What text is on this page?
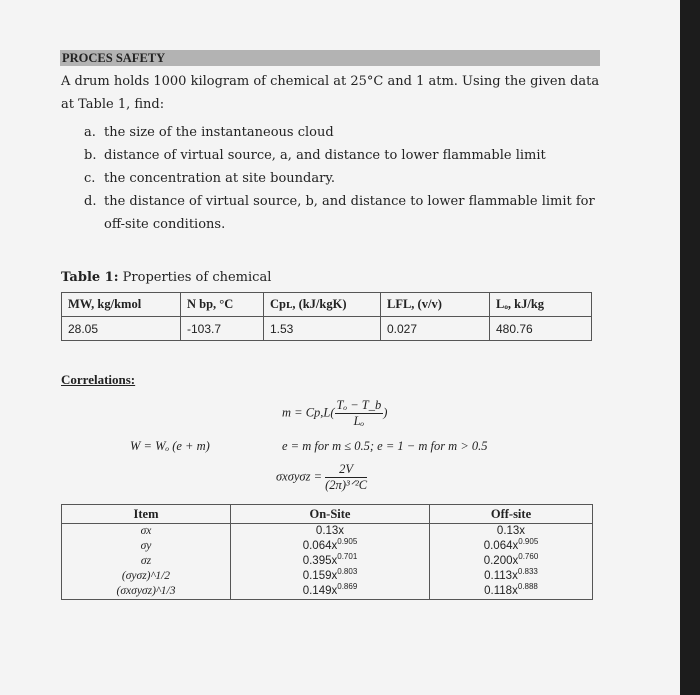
PROCES SAFETY
A drum holds 1000 kilogram of chemical at 25°C and 1 atm. Using the given data at Table 1, find:
a. the size of the instantaneous cloud
b. distance of virtual source, a, and distance to lower flammable limit
c. the concentration at site boundary.
d. the distance of virtual source, b, and distance to lower flammable limit for off-site conditions.
Table 1: Properties of chemical
MW, kg/kmol	N bp, °C	Cpʟ, (kJ/kgK)	LFL, (v/v)	Lₒ, kJ/kg
28.05	-103.7	1.53	0.027	480.76
Correlations:
$m = Cp,L( \frac{\text{Tₒ − T\_b}}{\text{Lₒ}}$ )
W = Wₒ (e + m)	e = m for m ≤ 0.5; e = 1 − m for m > 0.5
$\sigma x\sigma y\sigma z = \frac{2V}{\text{(2π)³ᐟ²C}}$
Item	On-Site	Off-site
σx	0.13x	0.13x
σy	$0.064x^{0.905}$	$0.064x^{0.905}$
σz	$0.395x^{0.701}$	$0.200x^{0.760}$
(σyσz)^1/2	$0.159x^{0.803}$	$0.113x^{0.833}$
(σxσyσz)^1/3	$0.149x^{0.869}$	$0.118x^{0.888}$
